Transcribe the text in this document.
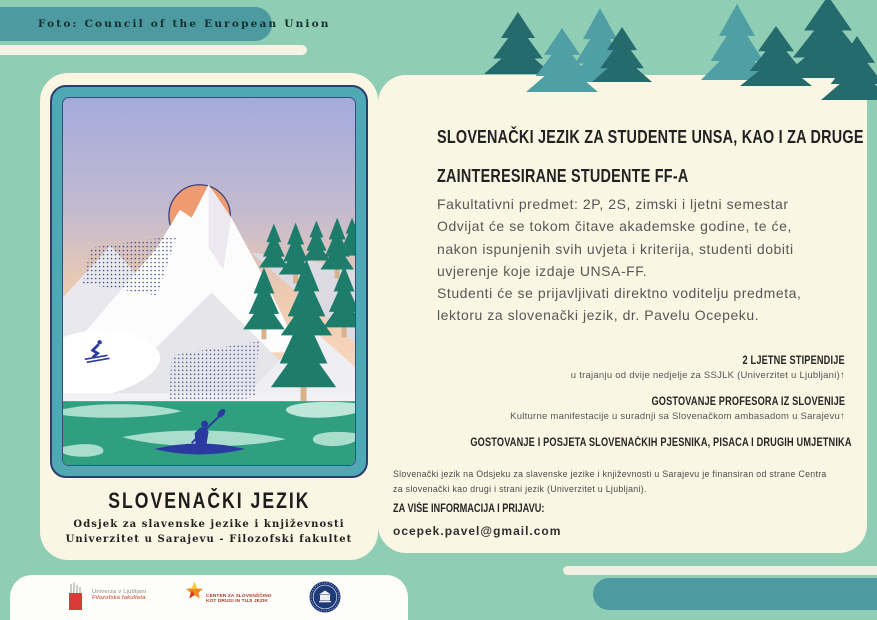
Foto: Council of the European Union
SLOVENAČKI JEZIK
Odsjek za slavenske jezike i književnosti
Univerzitet u Sarajevu - Filozofski fakultet
SLOVENAČKI JEZIK ZA STUDENTE UNSA, KAO I ZA DRUGE
ZAINTERESIRANE STUDENTE FF-A
Fakultativni predmet: 2P, 2S, zimski i ljetni semestar
Odvijat će se tokom čitave akademske godine, te će,
nakon ispunjenih svih uvjeta i kriterija, studenti dobiti
uvjerenje koje izdaje UNSA-FF.
Studenti će se prijavljivati direktno voditelju predmeta,
lektoru za slovenački jezik, dr. Pavelu Ocepeku.
2 LJETNE STIPENDIJE
u trajanju od dvije nedjelje za SSJLK (Univerzitet u Ljubljani)↑
GOSTOVANJE PROFESORA IZ SLOVENIJE
Kulturne manifestacije u suradnji sa Slovenačkom ambasadom u Sarajevu↑
GOSTOVANJE I POSJETA SLOVENAČKIH PJESNIKA, PISACA I DRUGIH UMJETNIKA
Slovenački jezik na Odsjeku za slavenske jezike i književnosti u Sarajevu je finansiran od strane Centra
za slovenački kao drugi i strani jezik (Univerzitet u Ljubljani).
ZA VIŠE INFORMACIJA I PRIJAVU:
ocepek.pavel@gmail.com
Univerza v Ljubljani
Filozofska fakulteta	CENTER ZA SLOVENŠČINO
KOT DRUGI IN TUJI JEZIK
